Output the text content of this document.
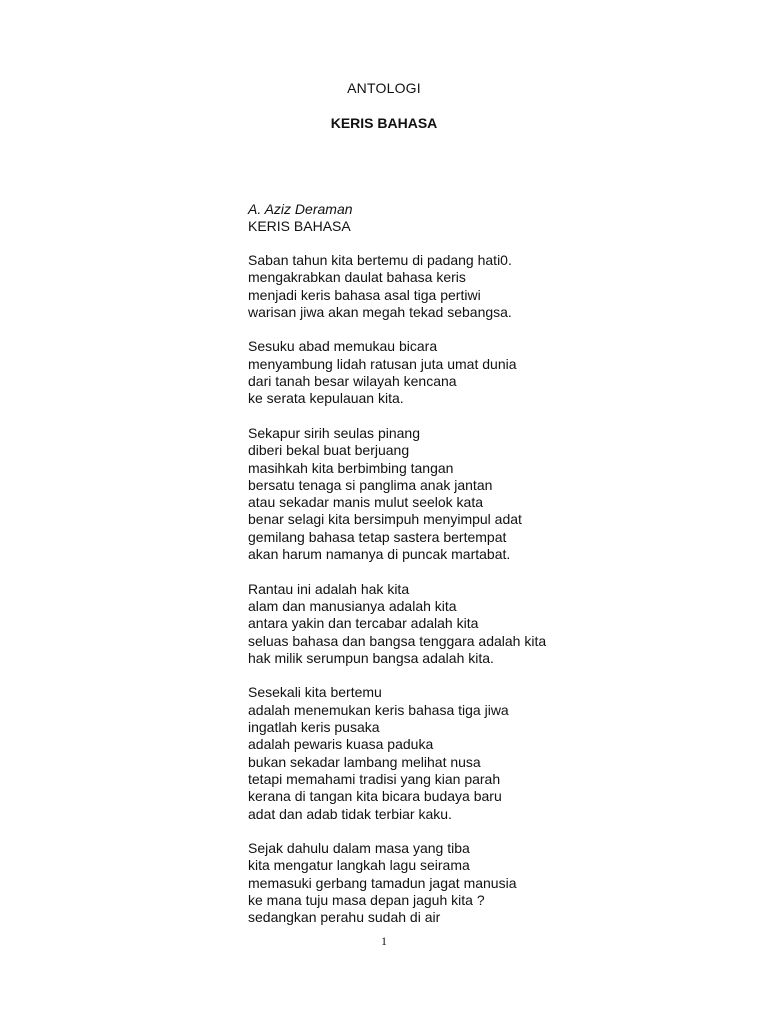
ANTOLOGI
KERIS BAHASA
A. Aziz Deraman
KERIS BAHASA
Saban tahun kita bertemu di padang hati0.
mengakrabkan daulat bahasa keris
menjadi keris bahasa asal tiga pertiwi
warisan jiwa akan megah tekad sebangsa.
Sesuku abad memukau bicara
menyambung lidah ratusan juta umat dunia
dari tanah besar wilayah kencana
ke serata kepulauan kita.
Sekapur sirih seulas pinang
diberi bekal buat berjuang
masihkah kita berbimbing tangan
bersatu tenaga si panglima anak jantan
atau sekadar manis mulut seelok kata
benar selagi kita bersimpuh menyimpul adat
gemilang bahasa tetap sastera bertempat
akan harum namanya di puncak martabat.
Rantau ini adalah hak kita
alam dan manusianya adalah kita
antara yakin dan tercabar adalah kita
seluas bahasa dan bangsa tenggara adalah kita
hak milik serumpun bangsa adalah kita.
Sesekali kita bertemu
adalah menemukan keris bahasa tiga jiwa
ingatlah keris pusaka
adalah pewaris kuasa paduka
bukan sekadar lambang melihat nusa
tetapi memahami tradisi yang kian parah
kerana di tangan kita bicara budaya baru
adat dan adab tidak terbiar kaku.
Sejak dahulu dalam masa yang tiba
kita mengatur langkah lagu seirama
memasuki gerbang tamadun jagat manusia
ke mana tuju masa depan jaguh kita ?
sedangkan perahu sudah di air
1
